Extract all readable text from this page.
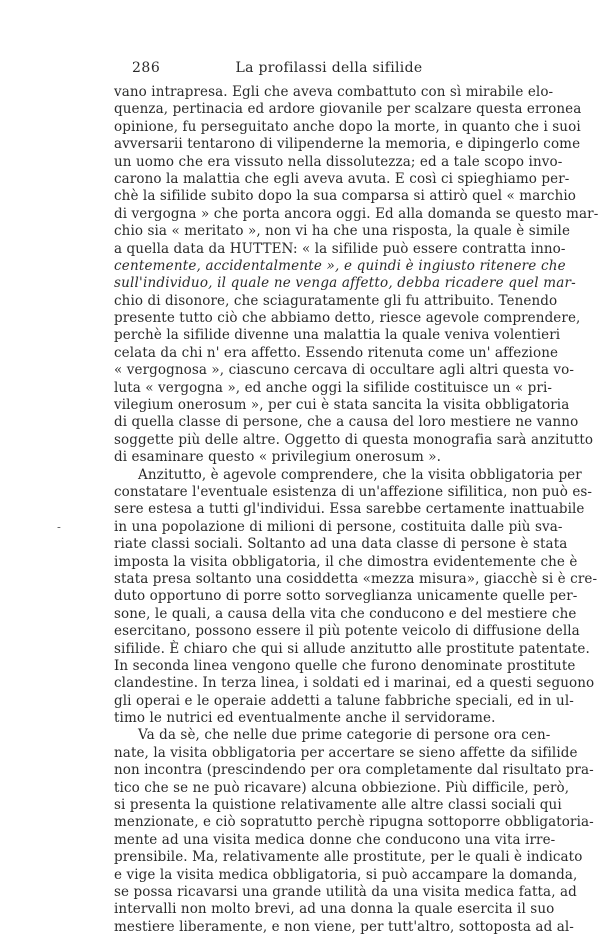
286	La profilassi della sifilide
˗
vano intrapresa. Egli che aveva combattuto con sì mirabile elo-
quenza, pertinacia ed ardore giovanile per scalzare questa erronea
opinione, fu perseguitato anche dopo la morte, in quanto che i suoi
avversarii tentarono di vilipenderne la memoria, e dipingerlo come
un uomo che era vissuto nella dissolutezza; ed a tale scopo invo-
carono la malattia che egli aveva avuta. E così ci spieghiamo per-
chè la sifilide subito dopo la sua comparsa si attirò quel « marchio
di vergogna » che porta ancora oggi. Ed alla domanda se questo mar-
chio sia « meritato », non vi ha che una risposta, la quale è simile
a quella data da HUTTEN: « la sifilide può essere contratta inno-
centemente, accidentalmente », e quindi è ingiusto ritenere che
sull'individuo, il quale ne venga affetto, debba ricadere quel mar-
chio di disonore, che sciaguratamente gli fu attribuito. Tenendo
presente tutto ciò che abbiamo detto, riesce agevole comprendere,
perchè la sifilide divenne una malattia la quale veniva volentieri
celata da chi n' era affetto. Essendo ritenuta come un' affezione
« vergognosa », ciascuno cercava di occultare agli altri questa vo-
luta « vergogna », ed anche oggi la sifilide costituisce un « pri-
vilegium onerosum », per cui è stata sancita la visita obbligatoria
di quella classe di persone, che a causa del loro mestiere ne vanno
soggette più delle altre. Oggetto di questa monografia sarà anzitutto
di esaminare questo « privilegium onerosum ».
Anzitutto, è agevole comprendere, che la visita obbligatoria per
constatare l'eventuale esistenza di un'affezione sifilitica, non può es-
sere estesa a tutti gl'individui. Essa sarebbe certamente inattuabile
in una popolazione di milioni di persone, costituita dalle più sva-
riate classi sociali. Soltanto ad una data classe di persone è stata
imposta la visita obbligatoria, il che dimostra evidentemente che è
stata presa soltanto una cosiddetta «mezza misura», giacchè si è cre-
duto opportuno di porre sotto sorveglianza unicamente quelle per-
sone, le quali, a causa della vita che conducono e del mestiere che
esercitano, possono essere il più potente veicolo di diffusione della
sifilide. È chiaro che qui si allude anzitutto alle prostitute patentate.
In seconda linea vengono quelle che furono denominate prostitute
clandestine. In terza linea, i soldati ed i marinai, ed a questi seguono
gli operai e le operaie addetti a talune fabbriche speciali, ed in ul-
timo le nutrici ed eventualmente anche il servidorame.
Va da sè, che nelle due prime categorie di persone ora cen-
nate, la visita obbligatoria per accertare se sieno affette da sifilide
non incontra (prescindendo per ora completamente dal risultato pra-
tico che se ne può ricavare) alcuna obbiezione. Più difficile, però,
si presenta la quistione relativamente alle altre classi sociali qui
menzionate, e ciò sopratutto perchè ripugna sottoporre obbligatoria-
mente ad una visita medica donne che conducono una vita irre-
prensibile. Ma, relativamente alle prostitute, per le quali è indicato
e vige la visita medica obbligatoria, si può accampare la domanda,
se possa ricavarsi una grande utilità da una visita medica fatta, ad
intervalli non molto brevi, ad una donna la quale esercita il suo
mestiere liberamente, e non viene, per tutt'altro, sottoposta ad al-
